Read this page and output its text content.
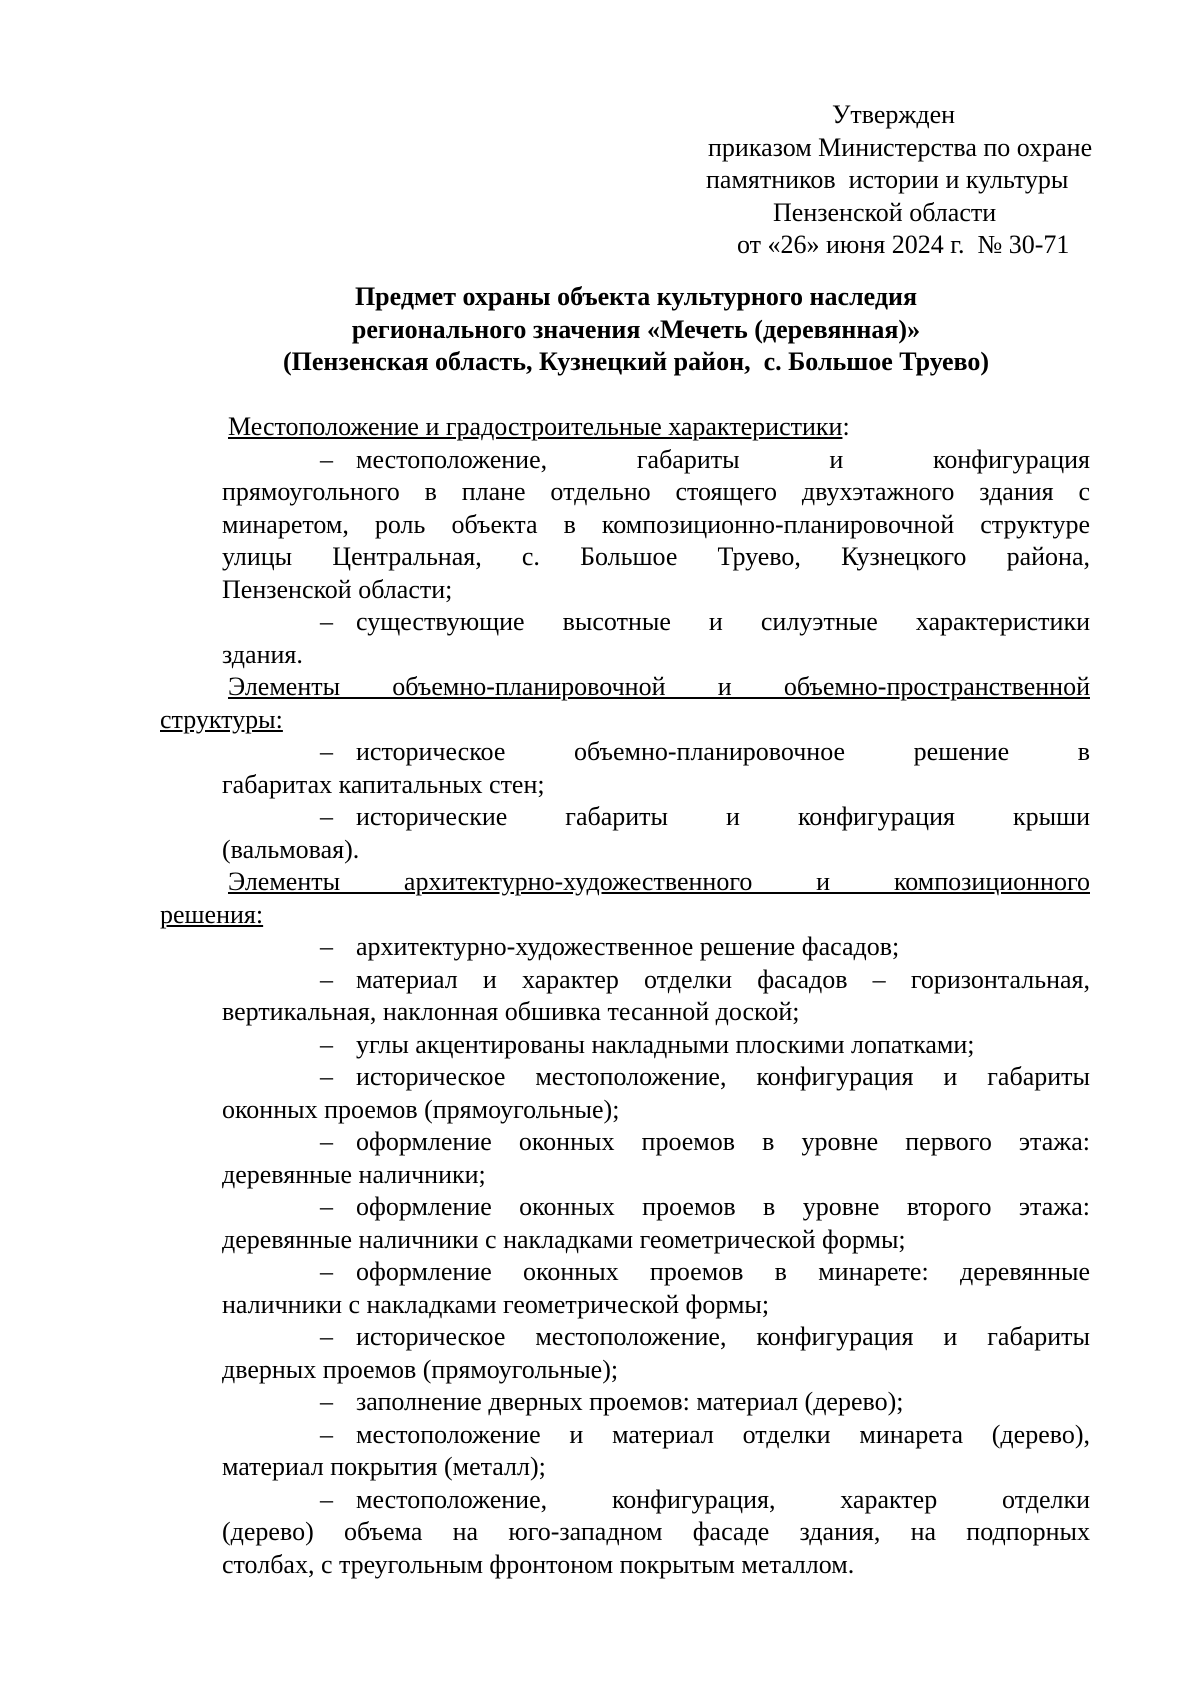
Утвержден
приказом Министерства по охране
памятников  истории и культуры
Пензенской области
от «26» июня 2024 г.  № 30-71
Предмет охраны объекта культурного наследия
регионального значения «Мечеть (деревянная)»
(Пензенская область, Кузнецкий район,  с. Большое Труево)
Местоположение и градостроительные характеристики:
– местоположение, габариты и конфигурация
прямоугольного в плане отдельно стоящего двухэтажного здания с
минаретом, роль объекта в композиционно-планировочной структуре
улицы Центральная, с. Большое Труево, Кузнецкого района,
Пензенской области;
– существующие высотные и силуэтные характеристики
здания.
Элементы объемно-планировочной и объемно-пространственной
структуры:
– историческое объемно-планировочное решение в
габаритах капитальных стен;
– исторические габариты и конфигурация крыши
(вальмовая).
Элементы архитектурно-художественного и композиционного
решения:
– архитектурно-художественное решение фасадов;
– материал и характер отделки фасадов – горизонтальная,
вертикальная, наклонная обшивка тесанной доской;
– углы акцентированы накладными плоскими лопатками;
– историческое местоположение, конфигурация и габариты
оконных проемов (прямоугольные);
– оформление оконных проемов в уровне первого этажа:
деревянные наличники;
– оформление оконных проемов в уровне второго этажа:
деревянные наличники с накладками геометрической формы;
– оформление оконных проемов в минарете: деревянные
наличники с накладками геометрической формы;
– историческое местоположение, конфигурация и габариты
дверных проемов (прямоугольные);
– заполнение дверных проемов: материал (дерево);
– местоположение и материал отделки минарета (дерево),
материал покрытия (металл);
– местоположение, конфигурация, характер отделки
(дерево) объема на юго-западном фасаде здания, на подпорных
столбах, с треугольным фронтоном покрытым металлом.
